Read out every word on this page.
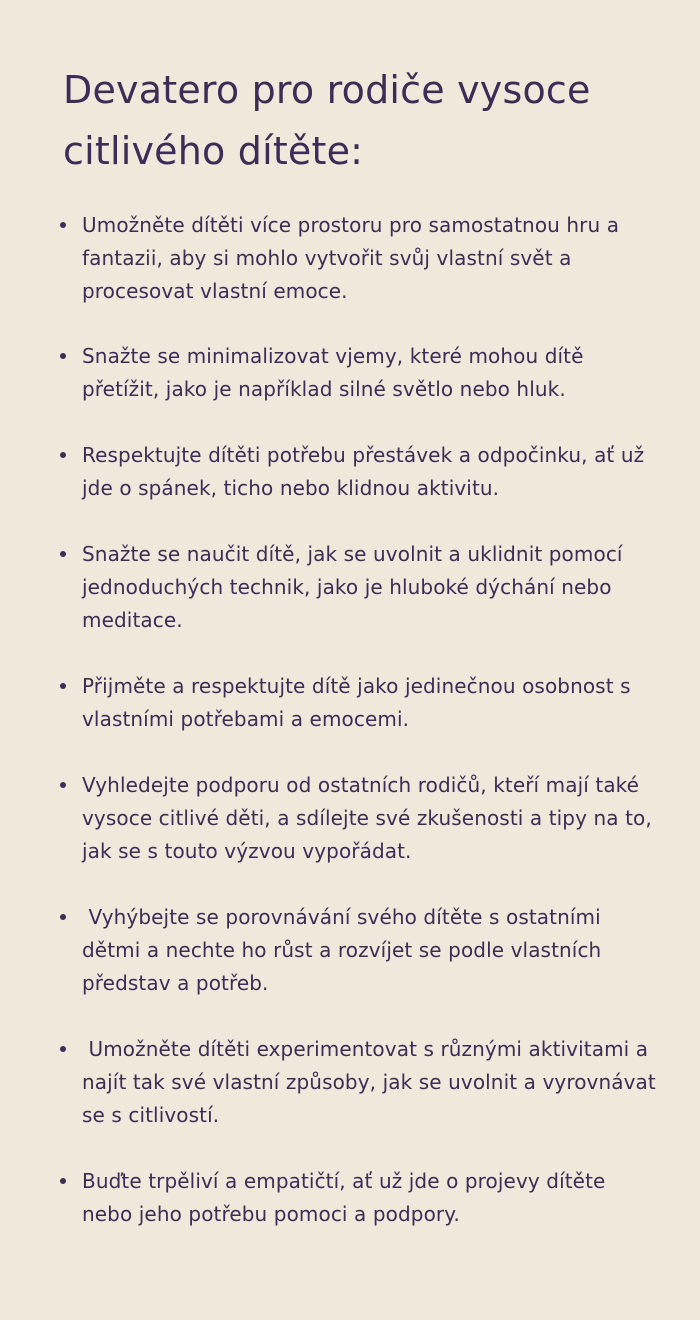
Devatero pro rodiče vysoce citlivého dítěte:
Umožněte dítěti více prostoru pro samostatnou hru a fantazii, aby si mohlo vytvořit svůj vlastní svět a procesovat vlastní emoce.
Snažte se minimalizovat vjemy, které mohou dítě přetížit, jako je například silné světlo nebo hluk.
Respektujte dítěti potřebu přestávek a odpočinku, ať už jde o spánek, ticho nebo klidnou aktivitu.
Snažte se naučit dítě, jak se uvolnit a uklidnit pomocí jednoduchých technik, jako je hluboké dýchání nebo meditace.
Přijměte a respektujte dítě jako jedinečnou osobnost s vlastními potřebami a emocemi.
Vyhledejte podporu od ostatních rodičů, kteří mají také vysoce citlivé děti, a sdílejte své zkušenosti a tipy na to, jak se s touto výzvou vypořádat.
Vyhýbejte se porovnávání svého dítěte s ostatními dětmi a nechte ho růst a rozvíjet se podle vlastních představ a potřeb.
Umožněte dítěti experimentovat s různými aktivitami a najít tak své vlastní způsoby, jak se uvolnit a vyrovnávat se s citlivostí.
Buďte trpěliví a empatičtí, ať už jde o projevy dítěte nebo jeho potřebu pomoci a podpory.
